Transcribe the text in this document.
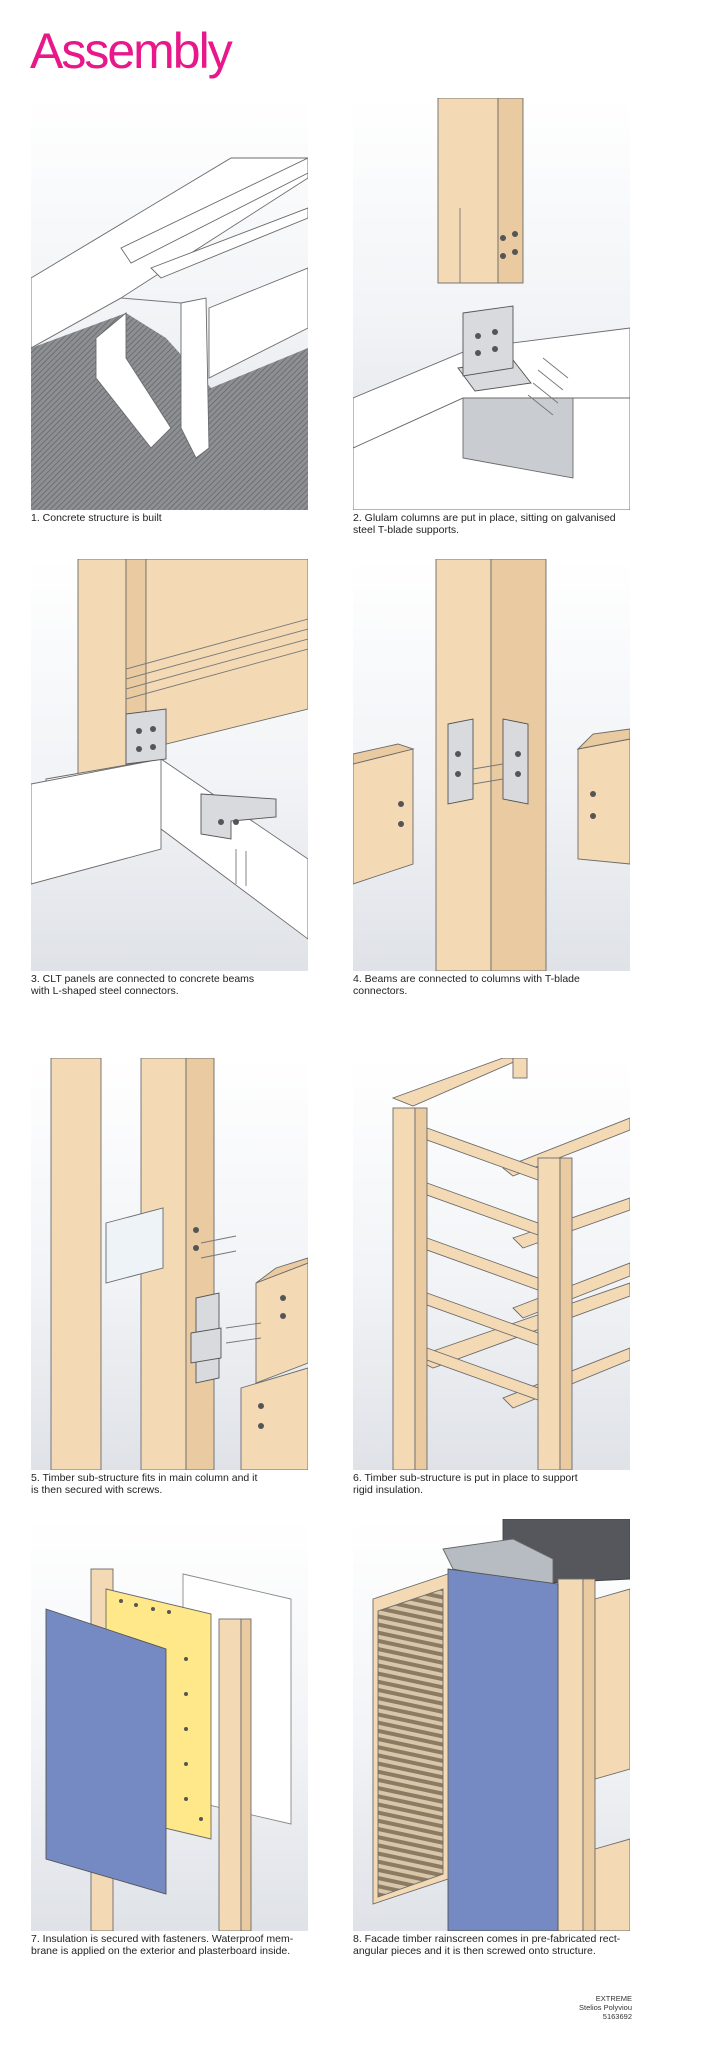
Assembly
1. Concrete structure is built	2. Glulam columns are put in place, sitting on galvanised
steel T-blade supports.
3. CLT panels are connected to concrete beams
with L-shaped steel connectors.
4. Beams are connected to columns with T-blade
connectors.
5. Timber sub-structure fits in main column and it
is then secured with screws.
6. Timber sub-structure is put in place to support
rigid insulation.
7. Insulation is secured with fasteners. Waterproof mem-
brane is applied on the exterior and plasterboard inside.
8. Facade timber rainscreen comes in pre-fabricated rect-
angular pieces and it is then screwed onto structure.
EXTREME
Stelios Polyviou
5163692
